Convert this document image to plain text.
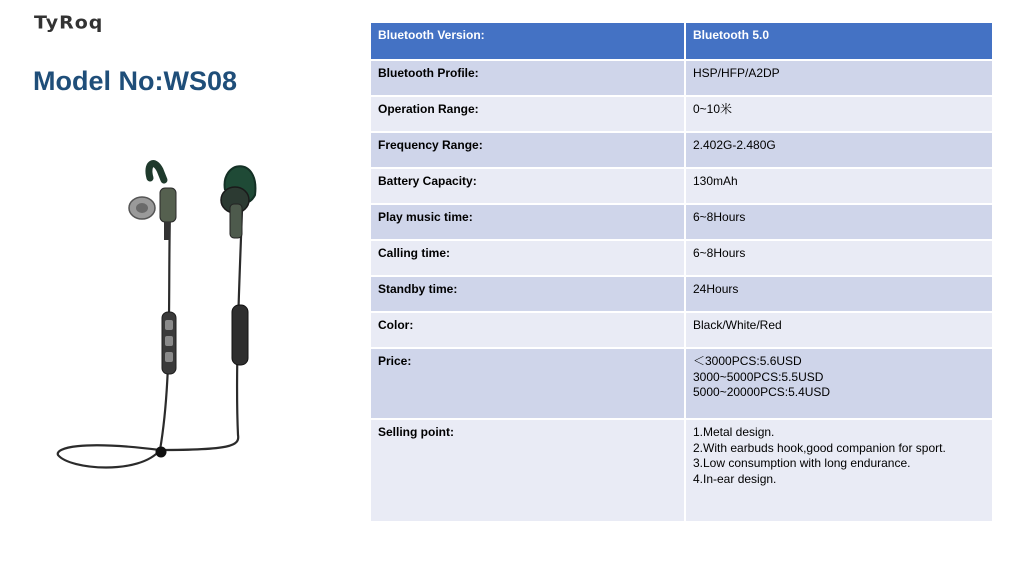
TyRoq
Model No:WS08
Bluetooth Version:	Bluetooth 5.0
Bluetooth Profile:	HSP/HFP/A2DP
Operation Range:	0~10米
Frequency Range:	2.402G-2.480G
Battery Capacity:	130mAh
Play music time:	6~8Hours
Calling time:	6~8Hours
Standby time:	24Hours
Color:	Black/White/Red
Price:	＜3000PCS:5.6USD
3000~5000PCS:5.5USD
5000~20000PCS:5.4USD

Selling point:	1.Metal design.
2.With earbuds hook,good companion for sport.
3.Low consumption with long endurance.
4.In-ear design.
